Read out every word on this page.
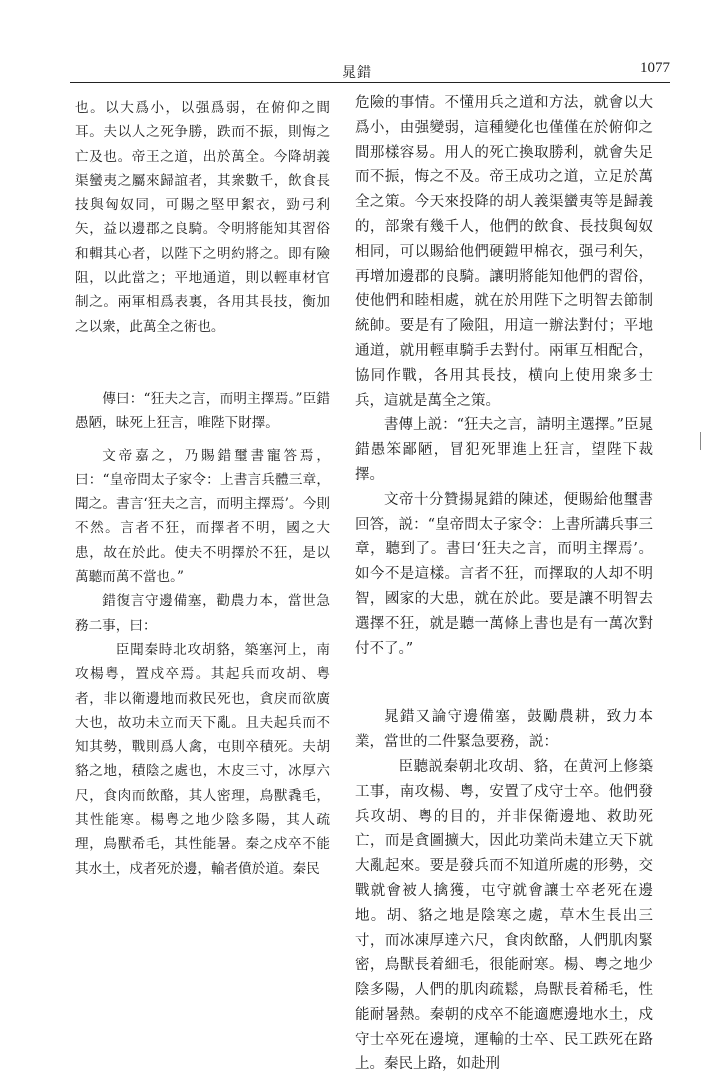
晁錯	1077

也。以大爲小，以强爲弱，在俯仰之間耳。夫以人之死争勝，跌而不振，則悔之亡及也。帝王之道，出於萬全。今降胡義渠蠻夷之屬來歸誼者，其衆數千，飲食長技與匈奴同，可賜之堅甲絮衣，勁弓利矢，益以邊郡之良騎。令明將能知其習俗和輯其心者，以陛下之明約將之。即有險阻，以此當之；平地通道，則以輕車材官制之。兩軍相爲表裏，各用其長技，衡加之以衆，此萬全之術也。

傳曰：“狂夫之言，而明主擇焉。”臣錯愚陋，昧死上狂言，唯陛下財擇。

文帝嘉之，乃賜錯璽書寵答焉，曰：“皇帝問太子家令：上書言兵體三章，聞之。書言‘狂夫之言，而明主擇焉’。今則不然。言者不狂，而擇者不明，國之大患，故在於此。使夫不明擇於不狂，是以萬聽而萬不當也。”

錯復言守邊備塞，勸農力本，當世急務二事，曰：

臣聞秦時北攻胡貉，築塞河上，南攻楊粤，置戍卒焉。其起兵而攻胡、粤者，非以衛邊地而救民死也，貪戾而欲廣大也，故功未立而天下亂。且夫起兵而不知其勢，戰則爲人禽，屯則卒積死。夫胡貉之地，積陰之處也，木皮三寸，冰厚六尺，食肉而飲酪，其人密理，鳥獸毳毛，其性能寒。楊粤之地少陰多陽，其人疏理，鳥獸希毛，其性能暑。秦之戍卒不能其水土，戍者死於邊，輸者僨於道。秦民

危險的事情。不懂用兵之道和方法，就會以大爲小，由强變弱，這種變化也僅僅在於俯仰之間那樣容易。用人的死亡換取勝利，就會失足而不振，悔之不及。帝王成功之道，立足於萬全之策。今天來投降的胡人義渠蠻夷等是歸義的，部衆有幾千人，他們的飲食、長技與匈奴相同，可以賜給他們硬鎧甲棉衣，强弓利矢，再增加邊郡的良騎。讓明將能知他們的習俗，使他們和睦相處，就在於用陛下之明智去節制統帥。要是有了險阻，用這一辦法對付；平地通道，就用輕車騎手去對付。兩軍互相配合，協同作戰，各用其長技，横向上使用衆多士兵，這就是萬全之策。

書傳上説：“狂夫之言，請明主選擇。”臣晁錯愚笨鄙陋，冒犯死罪進上狂言，望陛下裁擇。

文帝十分贊揚晁錯的陳述，便賜給他璽書回答，説：“皇帝問太子家令：上書所講兵事三章，聽到了。書曰‘狂夫之言，而明主擇焉’。如今不是這樣。言者不狂，而擇取的人却不明智，國家的大患，就在於此。要是讓不明智去選擇不狂，就是聽一萬條上書也是有一萬次對付不了。”

晁錯又論守邊備塞，鼓勵農耕，致力本業，當世的二件緊急要務，説：

臣聽説秦朝北攻胡、貉，在黄河上修築工事，南攻楊、粤，安置了戍守士卒。他們發兵攻胡、粤的目的，并非保衛邊地、救助死亡，而是貪圖擴大，因此功業尚未建立天下就大亂起來。要是發兵而不知道所處的形勢，交戰就會被人擒獲，屯守就會讓士卒老死在邊地。胡、貉之地是陰寒之處，草木生長出三寸，而冰凍厚達六尺，食肉飲酪，人們肌肉緊密，鳥獸長着細毛，很能耐寒。楊、粤之地少陰多陽，人們的肌肉疏鬆，鳥獸長着稀毛，性能耐暑熱。秦朝的戍卒不能適應邊地水土，戍守士卒死在邊境，運輸的士卒、民工跌死在路上。秦民上路，如赴刑
